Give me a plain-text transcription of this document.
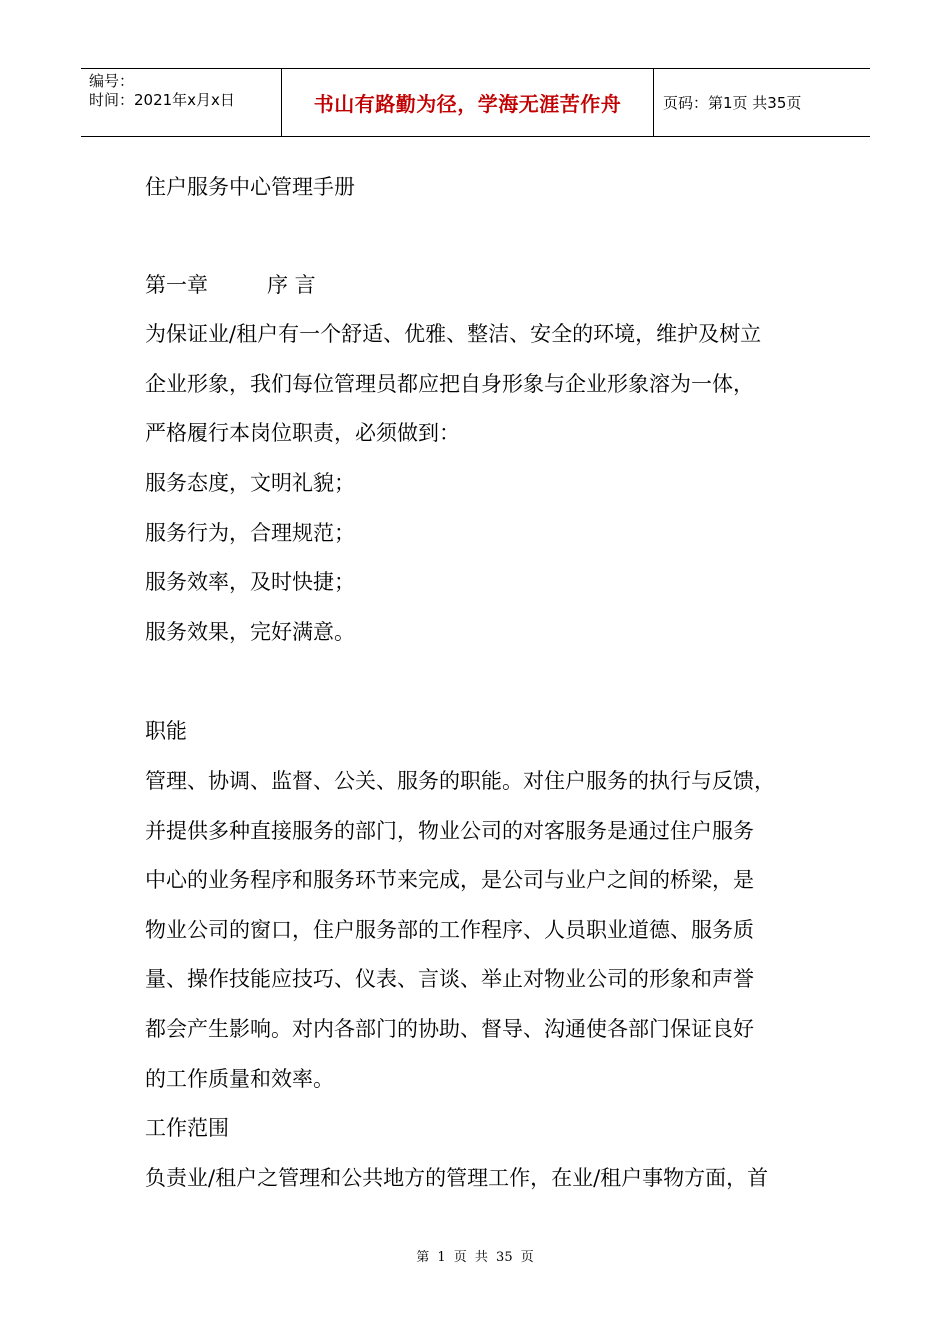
编号：
时间：2021年x月x日	书山有路勤为径，学海无涯苦作舟	页码：第1页 共35页
住户服务中心管理手册
第一章	序 言
为保证业/租户有一个舒适、优雅、整洁、安全的环境，维护及树立
企业形象，我们每位管理员都应把自身形象与企业形象溶为一体，
严格履行本岗位职责，必须做到：
服务态度，文明礼貌；
服务行为，合理规范；
服务效率，及时快捷；
服务效果，完好满意。
职能
管理、协调、监督、公关、服务的职能。对住户服务的执行与反馈，
并提供多种直接服务的部门，物业公司的对客服务是通过住户服务
中心的业务程序和服务环节来完成，是公司与业户之间的桥梁，是
物业公司的窗口，住户服务部的工作程序、人员职业道德、服务质
量、操作技能应技巧、仪表、言谈、举止对物业公司的形象和声誉
都会产生影响。对内各部门的协助、督导、沟通使各部门保证良好
的工作质量和效率。
工作范围
负责业/租户之管理和公共地方的管理工作，在业/租户事物方面，首
第 1 页 共 35 页
